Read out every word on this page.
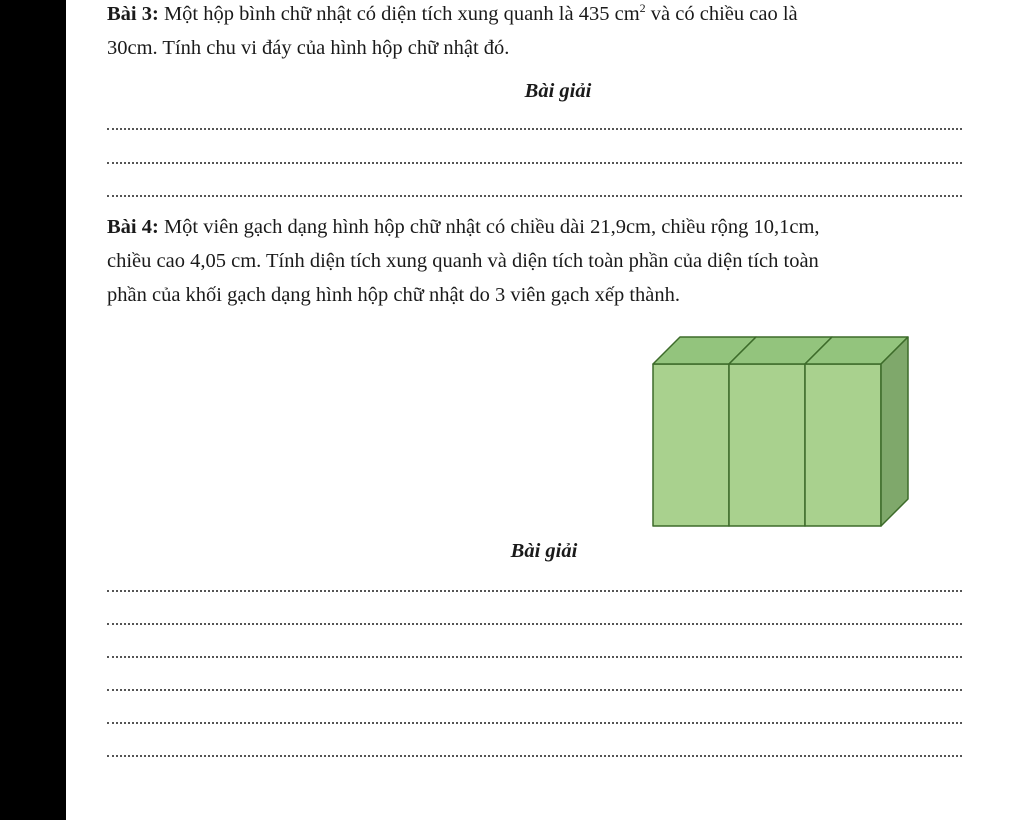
Bài 3: Một hộp bình chữ nhật có diện tích xung quanh là 435 $cm^2$ và có chiều cao là
30cm. Tính chu vi đáy của hình hộp chữ nhật đó.

Bài giải

Bài 4: Một viên gạch dạng hình hộp chữ nhật có chiều dài 21,9cm, chiều rộng 10,1cm,
chiều cao 4,05 cm. Tính diện tích xung quanh và diện tích toàn phần của diện tích toàn
phần của khối gạch dạng hình hộp chữ nhật do 3 viên gạch xếp thành.

Bài giải
